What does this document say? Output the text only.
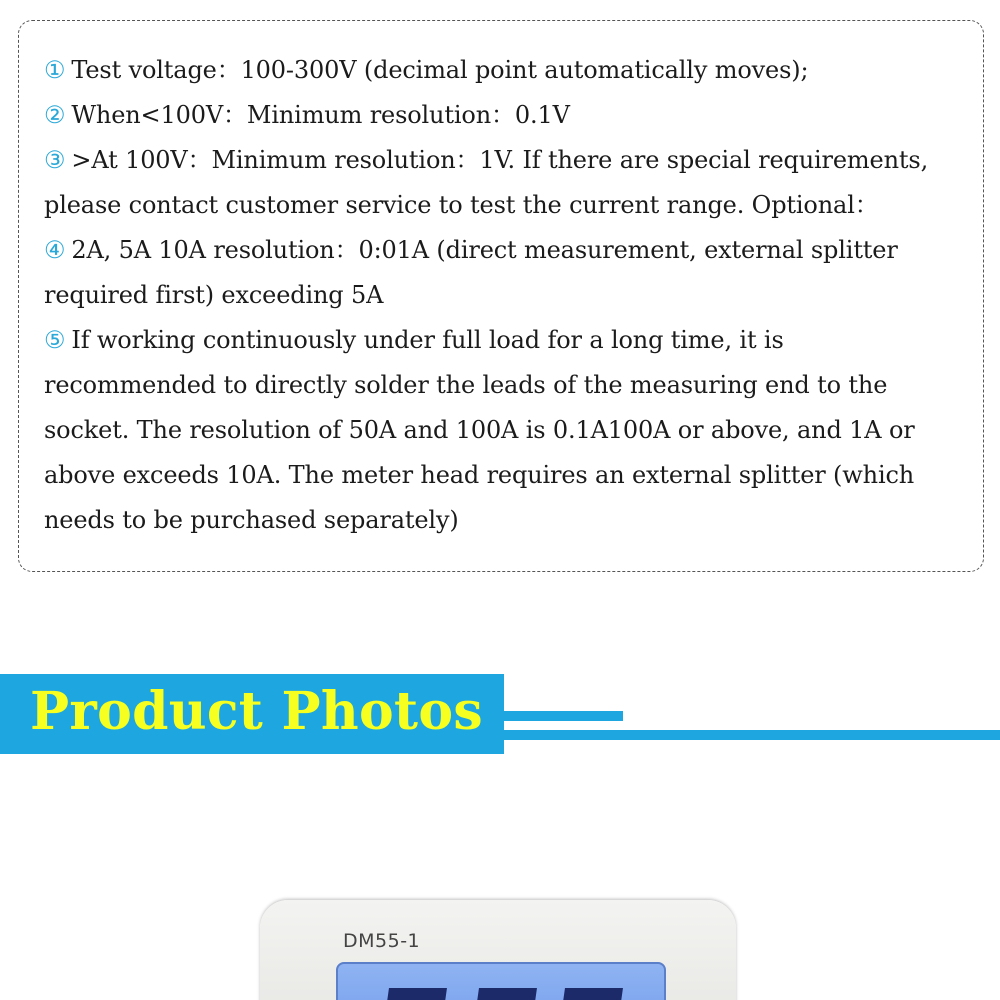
① Test voltage：100-300V (decimal point automatically moves);
② When<100V：Minimum resolution：0.1V
③ >At 100V：Minimum resolution：1V. If there are special requirements,
please contact customer service to test the current range. Optional：
④ 2A, 5A 10A resolution：0:01A (direct measurement, external splitter
required first) exceeding 5A
⑤ If working continuously under full load for a long time, it is
recommended to directly solder the leads of the measuring end to the
socket. The resolution of 50A and 100A is 0.1A100A or above, and 1A or
above exceeds 10A. The meter head requires an external splitter (which
needs to be purchased separately)
Product Photos
DM55-1
